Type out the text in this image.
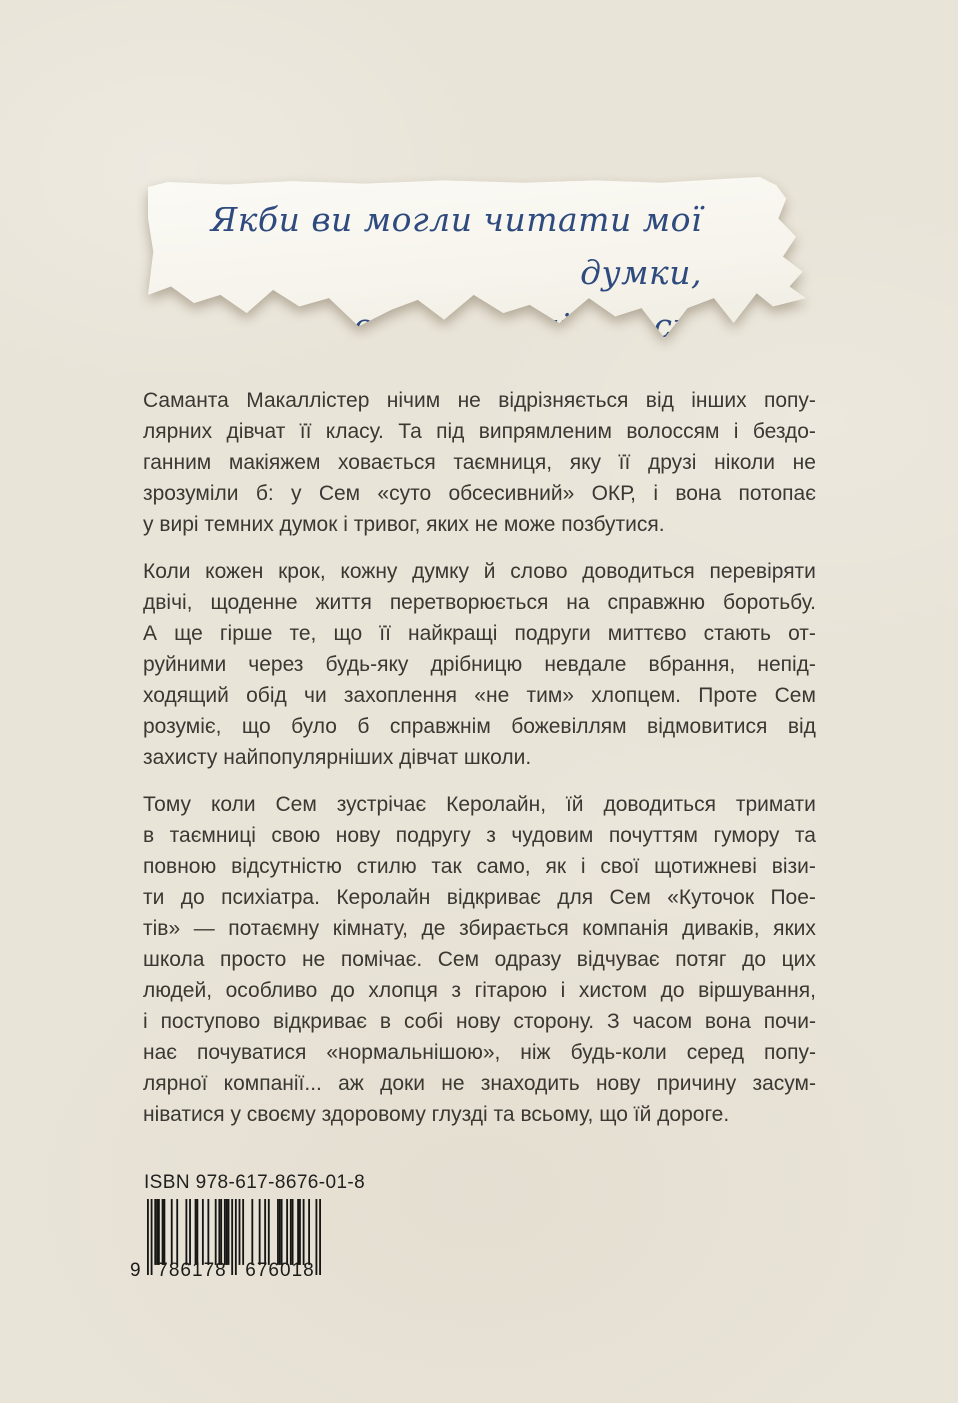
Якби ви могли читати мої думки,
ви б мені не посміхались.
Саманта Макаллістер нічим не відрізняється від інших попу-
лярних дівчат її класу. Та під випрямленим волоссям і бездо-
ганним макіяжем ховається таємниця, яку її друзі ніколи не
зрозуміли б: у Сем «суто обсесивний» ОКР, і вона потопає
у вирі темних думок і тривог, яких не може позбутися.
Коли кожен крок, кожну думку й слово доводиться перевіряти
двічі, щоденне життя перетворюється на справжню боротьбу.
А ще гірше те, що її найкращі подруги миттєво стають от-
руйними через будь-яку дрібницю невдале вбрання, непід-
ходящий обід чи захоплення «не тим» хлопцем. Проте Сем
розуміє, що було б справжнім божевіллям відмовитися від
захисту найпопулярніших дівчат школи.
Тому коли Сем зустрічає Керолайн, їй доводиться тримати
в таємниці свою нову подругу з чудовим почуттям гумору та
повною відсутністю стилю так само, як і свої щотижневі візи-
ти до психіатра. Керолайн відкриває для Сем «Куточок Пое-
тів» — потаємну кімнату, де збирається компанія диваків, яких
школа просто не помічає. Сем одразу відчуває потяг до цих
людей, особливо до хлопця з гітарою і хистом до віршування,
і поступово відкриває в собі нову сторону. З часом вона почи-
нає почуватися «нормальнішою», ніж будь-коли серед попу-
лярної компанії... аж доки не знаходить нову причину засум-
ніватися у своєму здоровому глузді та всьому, що їй дороге.
ISBN 978-617-8676-01-8
9 786178 676018
